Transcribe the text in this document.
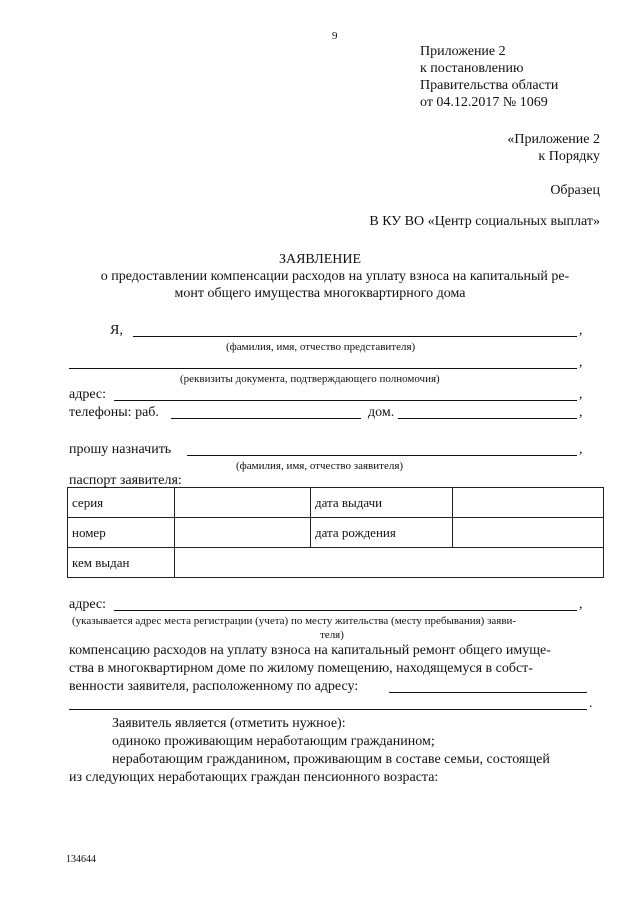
9
Приложение 2
к постановлению
Правительства области
от 04.12.2017 № 1069
«Приложение 2
к Порядку
Образец
В КУ ВО «Центр социальных выплат»
ЗАЯВЛЕНИЕ
о предоставлении компенсации расходов на уплату взноса на капитальный ре-
монт общего имущества многоквартирного дома
Я,	,
(фамилия, имя, отчество представителя)
,
(реквизиты документа, подтверждающего полномочия)
адрес:	,
телефоны: раб.	дом.	,
прошу назначить	,
(фамилия, имя, отчество заявителя)
паспорт заявителя:
серия		дата выдачи	
номер		дата рождения	
кем выдан			
адрес:	,
(указывается адрес места регистрации (учета) по месту жительства (месту пребывания) заяви-
теля)
компенсацию расходов на уплату взноса на капитальный ремонт общего имуще-
ства в многоквартирном доме по жилому помещению, находящемуся в собст-
венности заявителя, расположенному по адресу:
.
Заявитель является (отметить нужное):
одиноко проживающим неработающим гражданином;
неработающим гражданином, проживающим в составе семьи, состоящей
из следующих неработающих граждан пенсионного возраста:
134644
